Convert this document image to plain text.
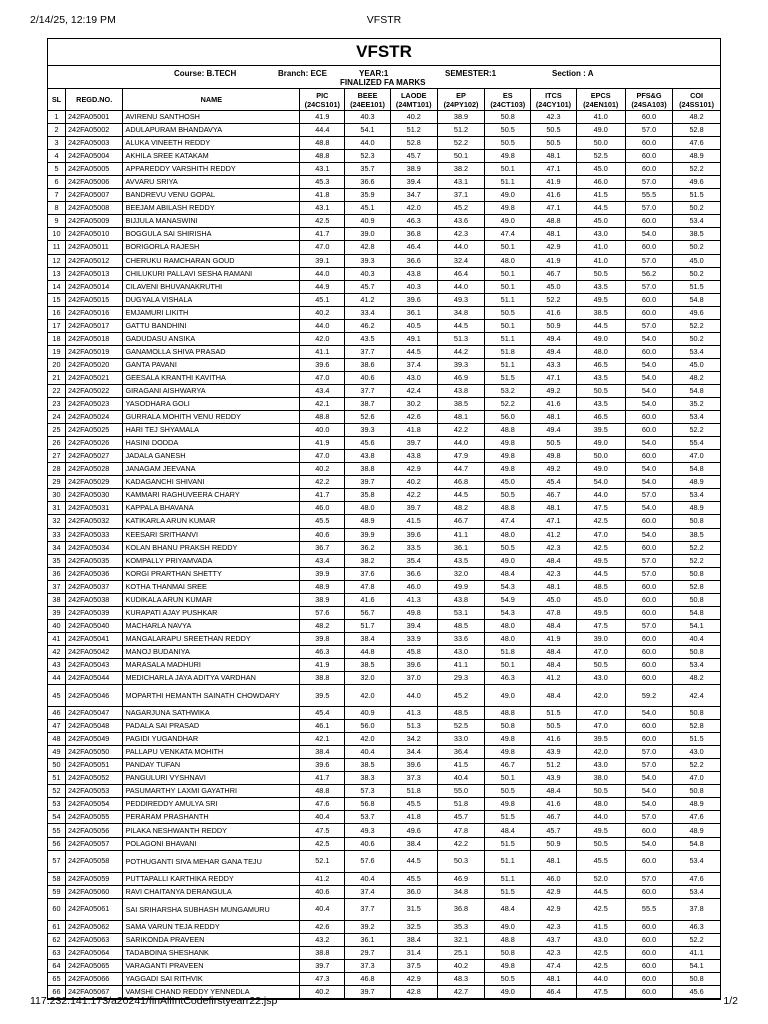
2/14/25, 12:19 PM	VFSTR
VFSTR
Course: B.TECH	Branch: ECE	YEAR:1	SEMESTER:1	Section : A
FINALIZED FA MARKS
SL	REGD.NO.	NAME	PIC (24CS101)	BEEE (24EE101)	LAODE (24MT101)	EP (24PY102)	ES (24CT103)	ITCS (24CY101)	EPCS (24EN101)	PFS&G (24SA103)	COI (24SS101)
1	242FA05001	AVIRENU SANTHOSH	41.9	40.3	40.2	38.9	50.8	42.3	41.0	60.0	48.2
2	242FA05002	ADULAPURAM BHANDAVYA	44.4	54.1	51.2	51.2	50.5	50.5	49.0	57.0	52.8
3	242FA05003	ALUKA VINEETH REDDY	48.8	44.0	52.8	52.2	50.5	50.5	50.0	60.0	47.6
4	242FA05004	AKHILA SREE KATAKAM	48.8	52.3	45.7	50.1	49.8	48.1	52.5	60.0	48.9
5	242FA05005	APPAREDDY VARSHITH REDDY	43.1	35.7	38.9	38.2	50.1	47.1	45.0	60.0	52.2
6	242FA05006	AVVARU SRIYA	45.3	36.6	39.4	43.1	51.1	41.9	46.0	57.0	49.6
7	242FA05007	BANDREVU VENU GOPAL	41.8	35.9	34.7	37.1	49.0	41.6	41.5	55.5	51.5
8	242FA05008	BEEJAM ABILASH REDDY	43.1	45.1	42.0	45.2	49.8	47.1	44.5	57.0	50.2
9	242FA05009	BIJJULA MANASWINI	42.5	40.9	46.3	43.6	49.0	48.8	45.0	60.0	53.4
10	242FA05010	BOGGULA SAI SHIRISHA	41.7	39.0	36.8	42.3	47.4	48.1	43.0	54.0	38.5
11	242FA05011	BORIGORLA RAJESH	47.0	42.8	46.4	44.0	50.1	42.9	41.0	60.0	50.2
12	242FA05012	CHERUKU RAMCHARAN GOUD	39.1	39.3	36.6	32.4	48.0	41.9	41.0	57.0	45.0
13	242FA05013	CHILUKURI PALLAVI SESHA RAMANI	44.0	40.3	43.8	46.4	50.1	46.7	50.5	56.2	50.2
14	242FA05014	CILAVENI BHUVANAKRUTHI	44.9	45.7	40.3	44.0	50.1	45.0	43.5	57.0	51.5
15	242FA05015	DUGYALA VISHALA	45.1	41.2	39.6	49.3	51.1	52.2	49.5	60.0	54.8
16	242FA05016	EMJAMURI LIKITH	40.2	33.4	36.1	34.8	50.5	41.6	38.5	60.0	49.6
17	242FA05017	GATTU BANDHINI	44.0	46.2	40.5	44.5	50.1	50.9	44.5	57.0	52.2
18	242FA05018	GADUDASU ANSIKA	42.0	43.5	49.1	51.3	51.1	49.4	49.0	54.0	50.2
19	242FA05019	GANAMOLLA SHIVA PRASAD	41.1	37.7	44.5	44.2	51.8	49.4	48.0	60.0	53.4
20	242FA05020	GANTA PAVANI	39.6	38.6	37.4	39.3	51.1	43.3	46.5	54.0	45.0
21	242FA05021	GEESALA KRANTHI KAVITHA	47.0	40.6	43.0	46.9	51.5	47.1	43.5	54.0	48.2
22	242FA05022	GIRAGANI AISHWARYA	43.4	37.7	42.4	43.8	53.2	49.2	50.5	54.0	54.8
23	242FA05023	YASODHARA GOLI	42.1	38.7	30.2	38.5	52.2	41.6	43.5	54.0	35.2
24	242FA05024	GURRALA MOHITH VENU REDDY	48.8	52.6	42.6	48.1	56.0	48.1	46.5	60.0	53.4
25	242FA05025	HARI TEJ SHYAMALA	40.0	39.3	41.8	42.2	48.8	49.4	39.5	60.0	52.2
26	242FA05026	HASINI DODDA	41.9	45.6	39.7	44.0	49.8	50.5	49.0	54.0	55.4
27	242FA05027	JADALA GANESH	47.0	43.8	43.8	47.9	49.8	49.8	50.0	60.0	47.0
28	242FA05028	JANAGAM JEEVANA	40.2	38.8	42.9	44.7	49.8	49.2	49.0	54.0	54.8
29	242FA05029	KADAGANCHI SHIVANI	42.2	39.7	40.2	46.8	45.0	45.4	54.0	54.0	48.9
30	242FA05030	KAMMARI RAGHUVEERA CHARY	41.7	35.8	42.2	44.5	50.5	46.7	44.0	57.0	53.4
31	242FA05031	KAPPALA BHAVANA	46.0	48.0	39.7	48.2	48.8	48.1	47.5	54.0	48.9
32	242FA05032	KATIKARLA ARUN KUMAR	45.5	48.9	41.5	46.7	47.4	47.1	42.5	60.0	50.8
33	242FA05033	KEESARI SRITHANVI	40.6	39.9	39.6	41.1	48.0	41.2	47.0	54.0	38.5
34	242FA05034	KOLAN BHANU PRAKSH REDDY	36.7	36.2	33.5	36.1	50.5	42.3	42.5	60.0	52.2
35	242FA05035	KOMPALLY PRIYAMVADA	43.4	38.2	35.4	43.5	49.0	48.4	49.5	57.0	52.2
36	242FA05036	KORGI PRARTHAN SHETTY	39.9	37.6	36.6	32.0	48.4	42.3	44.5	57.0	50.8
37	242FA05037	KOTHA THANMAI SREE	48.9	47.8	46.0	49.9	54.3	48.1	48.5	60.0	52.8
38	242FA05038	KUDIKALA ARUN KUMAR	38.9	41.6	41.3	43.8	54.9	45.0	45.0	60.0	50.8
39	242FA05039	KURAPATI AJAY PUSHKAR	57.6	56.7	49.8	53.1	54.3	47.8	49.5	60.0	54.8
40	242FA05040	MACHARLA NAVYA	48.2	51.7	39.4	48.5	48.0	48.4	47.5	57.0	54.1
41	242FA05041	MANGALARAPU SREETHAN REDDY	39.8	38.4	33.9	33.6	48.0	41.9	39.0	60.0	40.4
42	242FA05042	MANOJ BUDANIYA	46.3	44.8	45.8	43.0	51.8	48.4	47.0	60.0	50.8
43	242FA05043	MARASALA MADHURI	41.9	38.5	39.6	41.1	50.1	48.4	50.5	60.0	53.4
44	242FA05044	MEDICHARLA JAYA ADITYA VARDHAN	38.8	32.0	37.0	29.3	46.3	41.2	43.0	60.0	48.2
45	242FA05046	MOPARTHI HEMANTH SAINATH CHOWDARY	39.5	42.0	44.0	45.2	49.0	48.4	42.0	59.2	42.4
46	242FA05047	NAGARJUNA SATHWIKA	45.4	40.9	41.3	48.5	48.8	51.5	47.0	54.0	50.8
47	242FA05048	PADALA SAI PRASAD	46.1	56.0	51.3	52.5	50.8	50.5	47.0	60.0	52.8
48	242FA05049	PAGIDI YUGANDHAR	42.1	42.0	34.2	33.0	49.8	41.6	39.5	60.0	51.5
49	242FA05050	PALLAPU VENKATA MOHITH	38.4	40.4	34.4	36.4	49.8	43.9	42.0	57.0	43.0
50	242FA05051	PANDAY TUFAN	39.6	38.5	39.6	41.5	46.7	51.2	43.0	57.0	52.2
51	242FA05052	PANGULURI VYSHNAVI	41.7	38.3	37.3	40.4	50.1	43.9	38.0	54.0	47.0
52	242FA05053	PASUMARTHY LAXMI GAYATHRI	48.8	57.3	51.8	55.0	50.5	48.4	50.5	54.0	50.8
53	242FA05054	PEDDIREDDY AMULYA SRI	47.6	56.8	45.5	51.8	49.8	41.6	48.0	54.0	48.9
54	242FA05055	PERARAM PRASHANTH	40.4	53.7	41.8	45.7	51.5	46.7	44.0	57.0	47.6
55	242FA05056	PILAKA NESHWANTH REDDY	47.5	49.3	49.6	47.8	48.4	45.7	49.5	60.0	48.9
56	242FA05057	POLAGONI BHAVANI	42.5	40.6	38.4	42.2	51.5	50.9	50.5	54.0	54.8
57	242FA05058	POTHUGANTI SIVA MEHAR GANA TEJU	52.1	57.6	44.5	50.3	51.1	48.1	45.5	60.0	53.4
58	242FA05059	PUTTAPALLI KARTHIKA REDDY	41.2	40.4	45.5	46.9	51.1	46.0	52.0	57.0	47.6
59	242FA05060	RAVI CHAITANYA DERANGULA	40.6	37.4	36.0	34.8	51.5	42.9	44.5	60.0	53.4
60	242FA05061	SAI SRIHARSHA SUBHASH MUNGAMURU	40.4	37.7	31.5	36.8	48.4	42.9	42.5	55.5	37.8
61	242FA05062	SAMA VARUN TEJA REDDY	42.6	39.2	32.5	35.3	49.0	42.3	41.5	60.0	46.3
62	242FA05063	SARIKONDA PRAVEEN	43.2	36.1	38.4	32.1	48.8	43.7	43.0	60.0	52.2
63	242FA05064	TADABOINA SHESHANK	38.8	29.7	31.4	25.1	50.8	42.3	42.5	60.0	41.1
64	242FA05065	VARAGANTI PRAVEEN	39.7	37.3	37.5	40.2	49.8	47.4	42.5	60.0	54.1
65	242FA05066	YAGGADI SAI RITHVIK	47.3	46.8	42.9	48.3	50.5	48.1	44.0	60.0	50.8
66	242FA05067	VAMSHI CHAND REDDY YENNEDLA	40.2	39.7	42.8	42.7	49.0	46.4	47.5	60.0	45.6
117.232.141.173/a20241/finAllIntCodefirstyearr22.jsp	1/2
